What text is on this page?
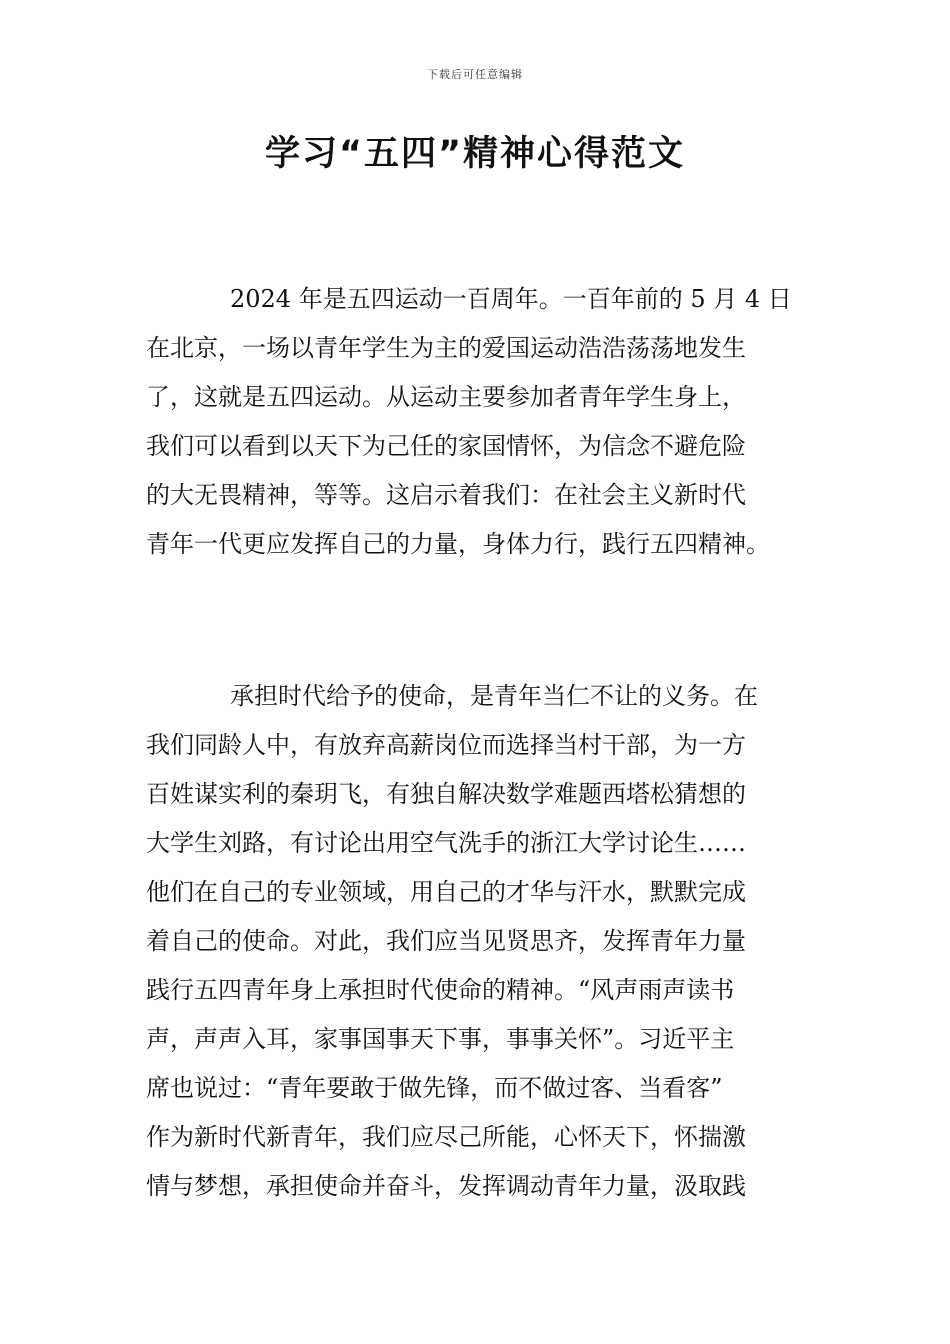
下载后可任意编辑
学习“五四”精神心得范文
2024 年是五四运动一百周年。一百年前的 5 月 4 日
在北京，一场以青年学生为主的爱国运动浩浩荡荡地发生
了，这就是五四运动。从运动主要参加者青年学生身上，
我们可以看到以天下为己任的家国情怀，为信念不避危险
的大无畏精神，等等。这启示着我们：在社会主义新时代
青年一代更应发挥自己的力量，身体力行，践行五四精神。
承担时代给予的使命，是青年当仁不让的义务。在
我们同龄人中，有放弃高薪岗位而选择当村干部，为一方
百姓谋实利的秦玥飞，有独自解决数学难题西塔松猜想的
大学生刘路，有讨论出用空气洗手的浙江大学讨论生……
他们在自己的专业领域，用自己的才华与汗水，默默完成
着自己的使命。对此，我们应当见贤思齐，发挥青年力量
践行五四青年身上承担时代使命的精神。“风声雨声读书
声，声声入耳，家事国事天下事，事事关怀”。习近平主
席也说过：“青年要敢于做先锋，而不做过客、当看客”
作为新时代新青年，我们应尽己所能，心怀天下，怀揣激
情与梦想，承担使命并奋斗，发挥调动青年力量，汲取践
